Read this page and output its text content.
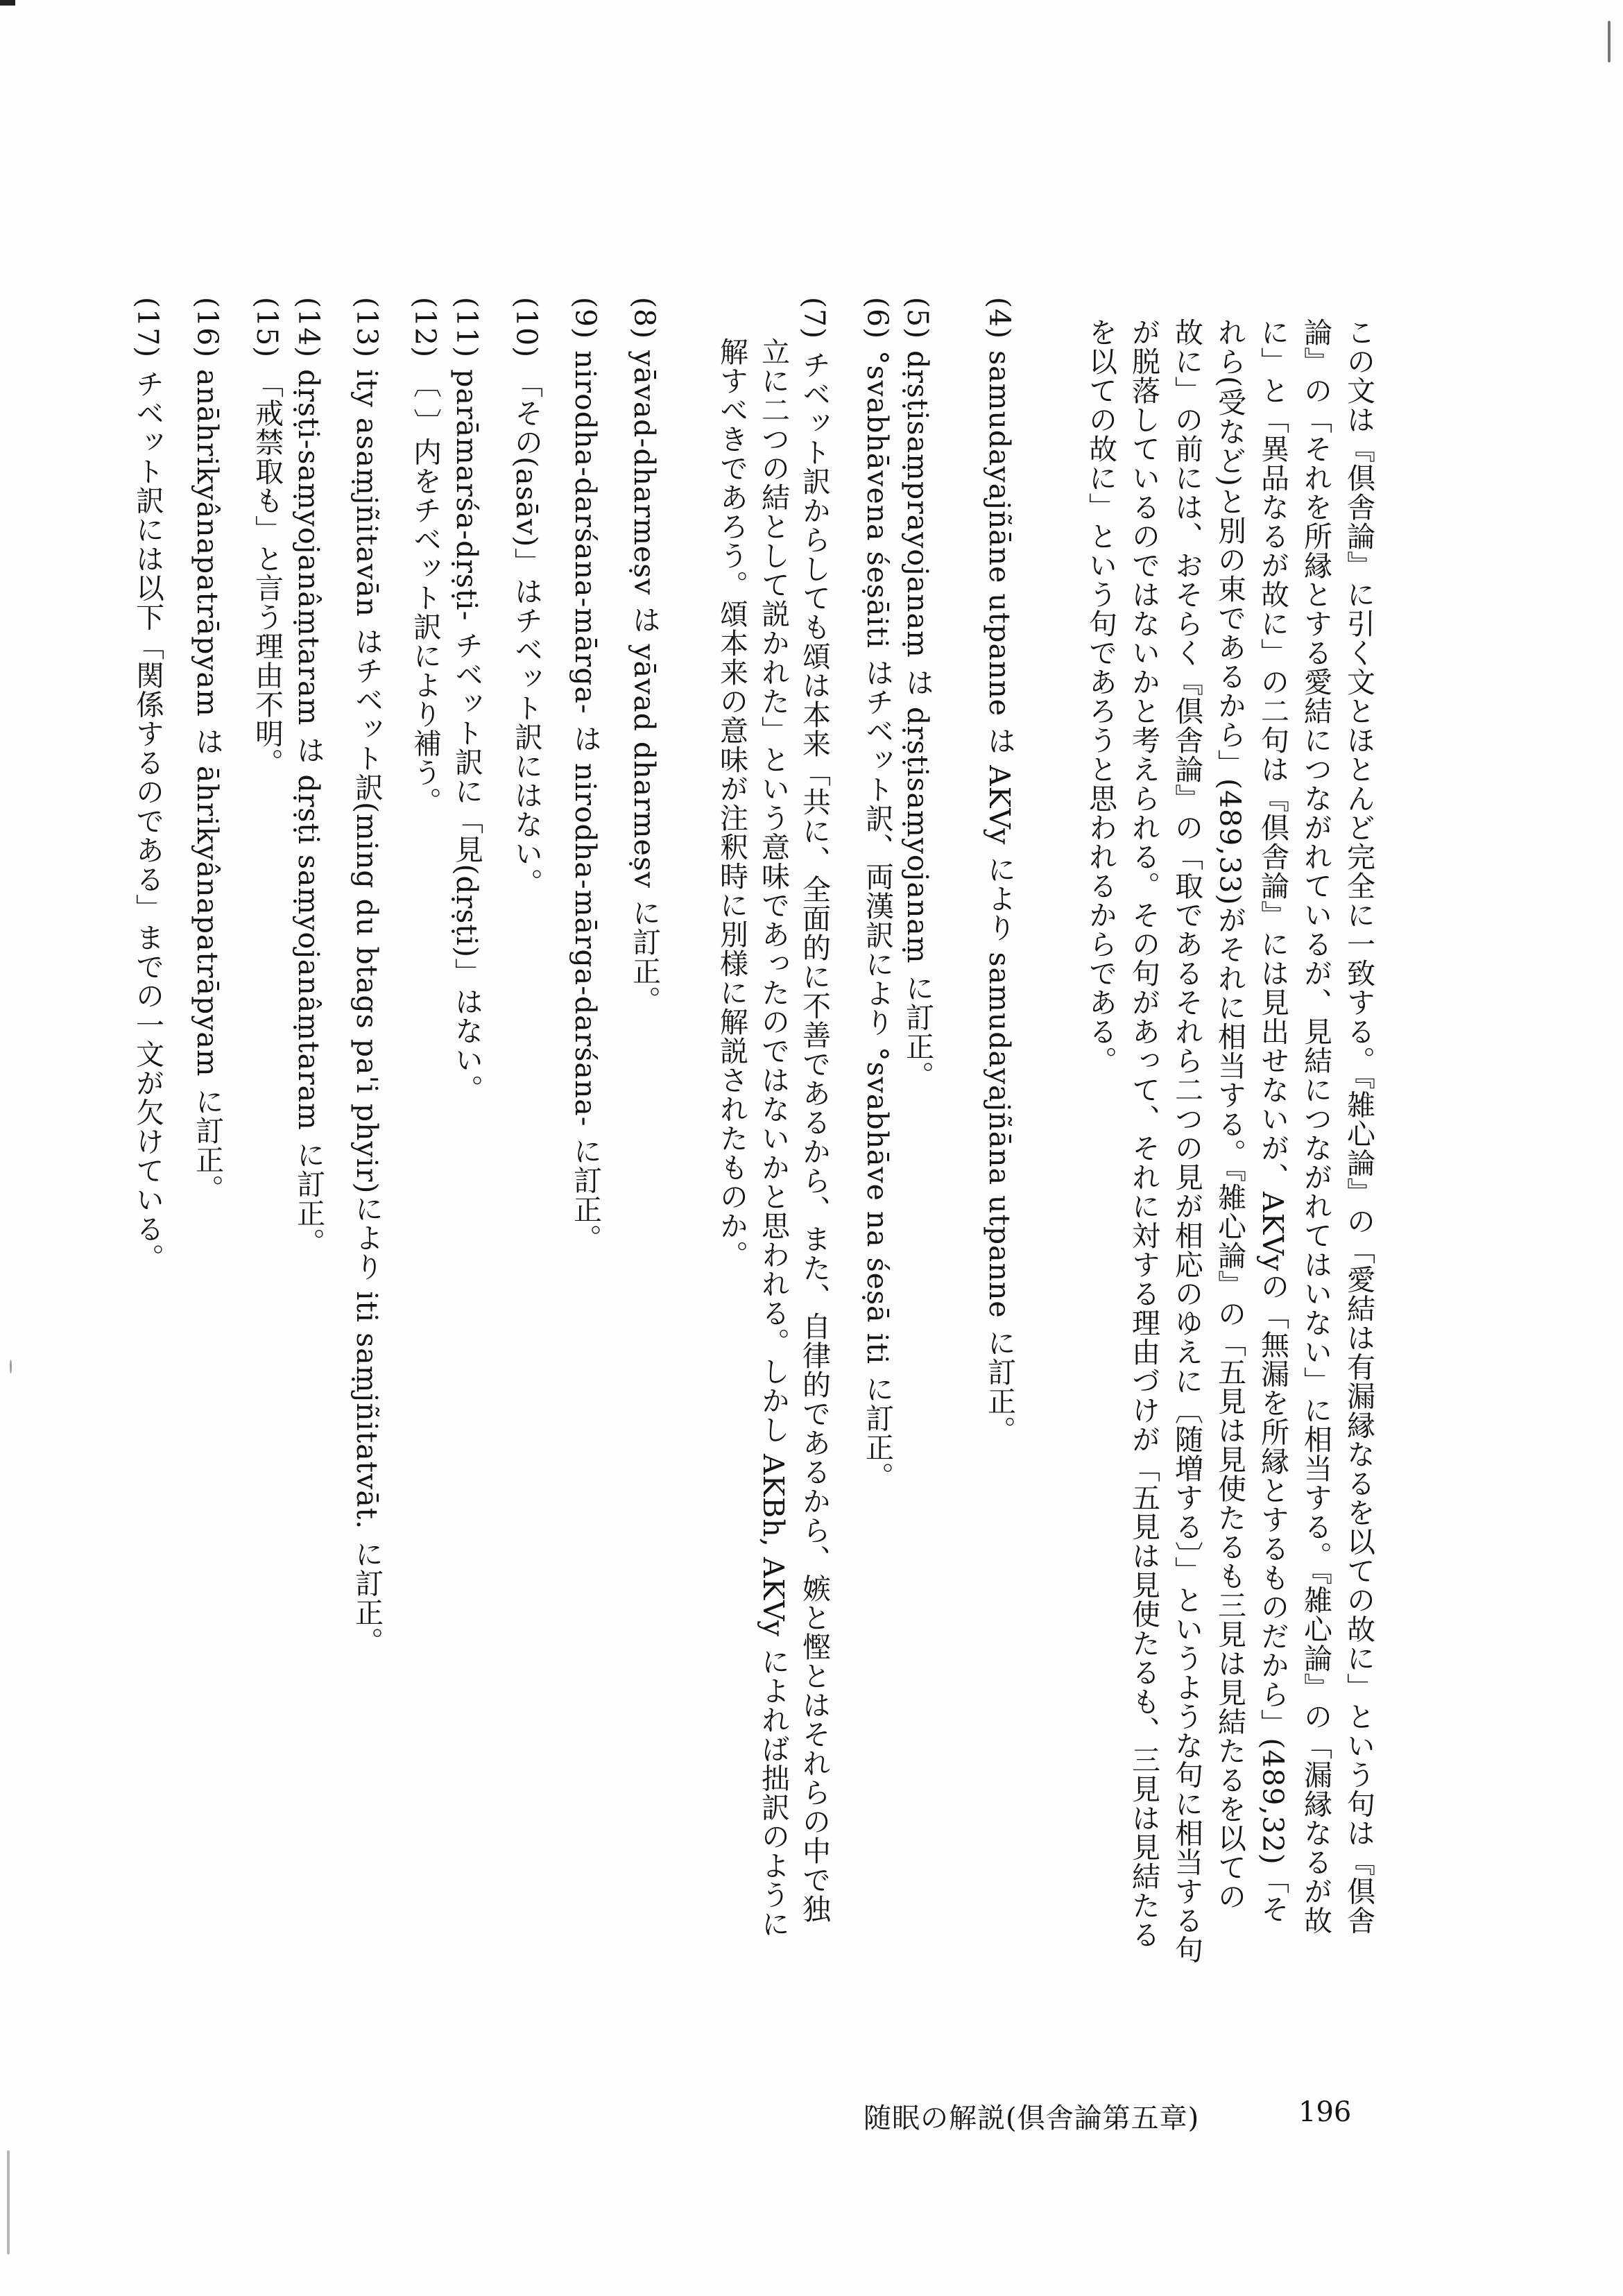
この文は『倶舎論』に引く文とほとんど完全に一致する。『雑心論』の「愛結は有漏縁なるを以ての故に」という句は『倶舎
論』の「それを所縁とする愛結につながれているが、見結につながれてはいない」に相当する。『雑心論』の「漏縁なるが故
に」と「異品なるが故に」の二句は『倶舎論』には見出せないが、AKVyの「無漏を所縁とするものだから」(489,32)「そ
れら(受など)と別の束であるから」(489,33)がそれに相当する。『雑心論』の「五見は見使たるも三見は見結たるを以ての
故に」の前には、おそらく『倶舎論』の「取であるそれら二つの見が相応のゆえに〔随増する〕」というような句に相当する句
が脱落しているのではないかと考えられる。その句があって、それに対する理由づけが「五見は見使たるも、三見は見結たる
を以ての故に」という句であろうと思われるからである。
(4)samudayajñāne utpanne は AKVy により samudayajñāna utpanne に訂正。
(5)dṛṣṭisaṃprayojanaṃ は dṛṣṭisaṃyojanaṃ に訂正。
(6)°svabhāvena śeṣāiti はチベット訳、両漢訳により °svabhāve na śeṣā iti に訂正。
(7)チベット訳からしても頌は本来「共に、全面的に不善であるから、また、自律的であるから、嫉と慳とはそれらの中で独
立に二つの結として説かれた」という意味であったのではないかと思われる。しかし AKBh, AKVy によれば拙訳のように
解すべきであろう。頌本来の意味が注釈時に別様に解説されたものか。
(8)yāvad-dharmeṣv は yāvad dharmeṣv に訂正。
(9)nirodha-darśana-mārga- は nirodha-mārga-darśana- に訂正。
(10)「その(asāv)」はチベット訳にはない。
(11)parāmarśa-dṛṣṭi- チベット訳に「見(dṛṣṭi)」はない。
(12)〔 〕内をチベット訳により補う。
(13)ity asaṃjñitavān はチベット訳(ming du btags pa'i phyir)により iti saṃjñitatvāt. に訂正。
(14)dṛṣṭi-saṃyojanâṃtaram は dṛṣṭi saṃyojanâṃtaram に訂正。
(15)「戒禁取も」と言う理由不明。
(16)anāhrikyânapatrāpyam は āhrikyânapatrāpyam に訂正。
(17)チベット訳には以下「関係するのである」までの一文が欠けている。
随眠の解説(倶舎論第五章)	196
